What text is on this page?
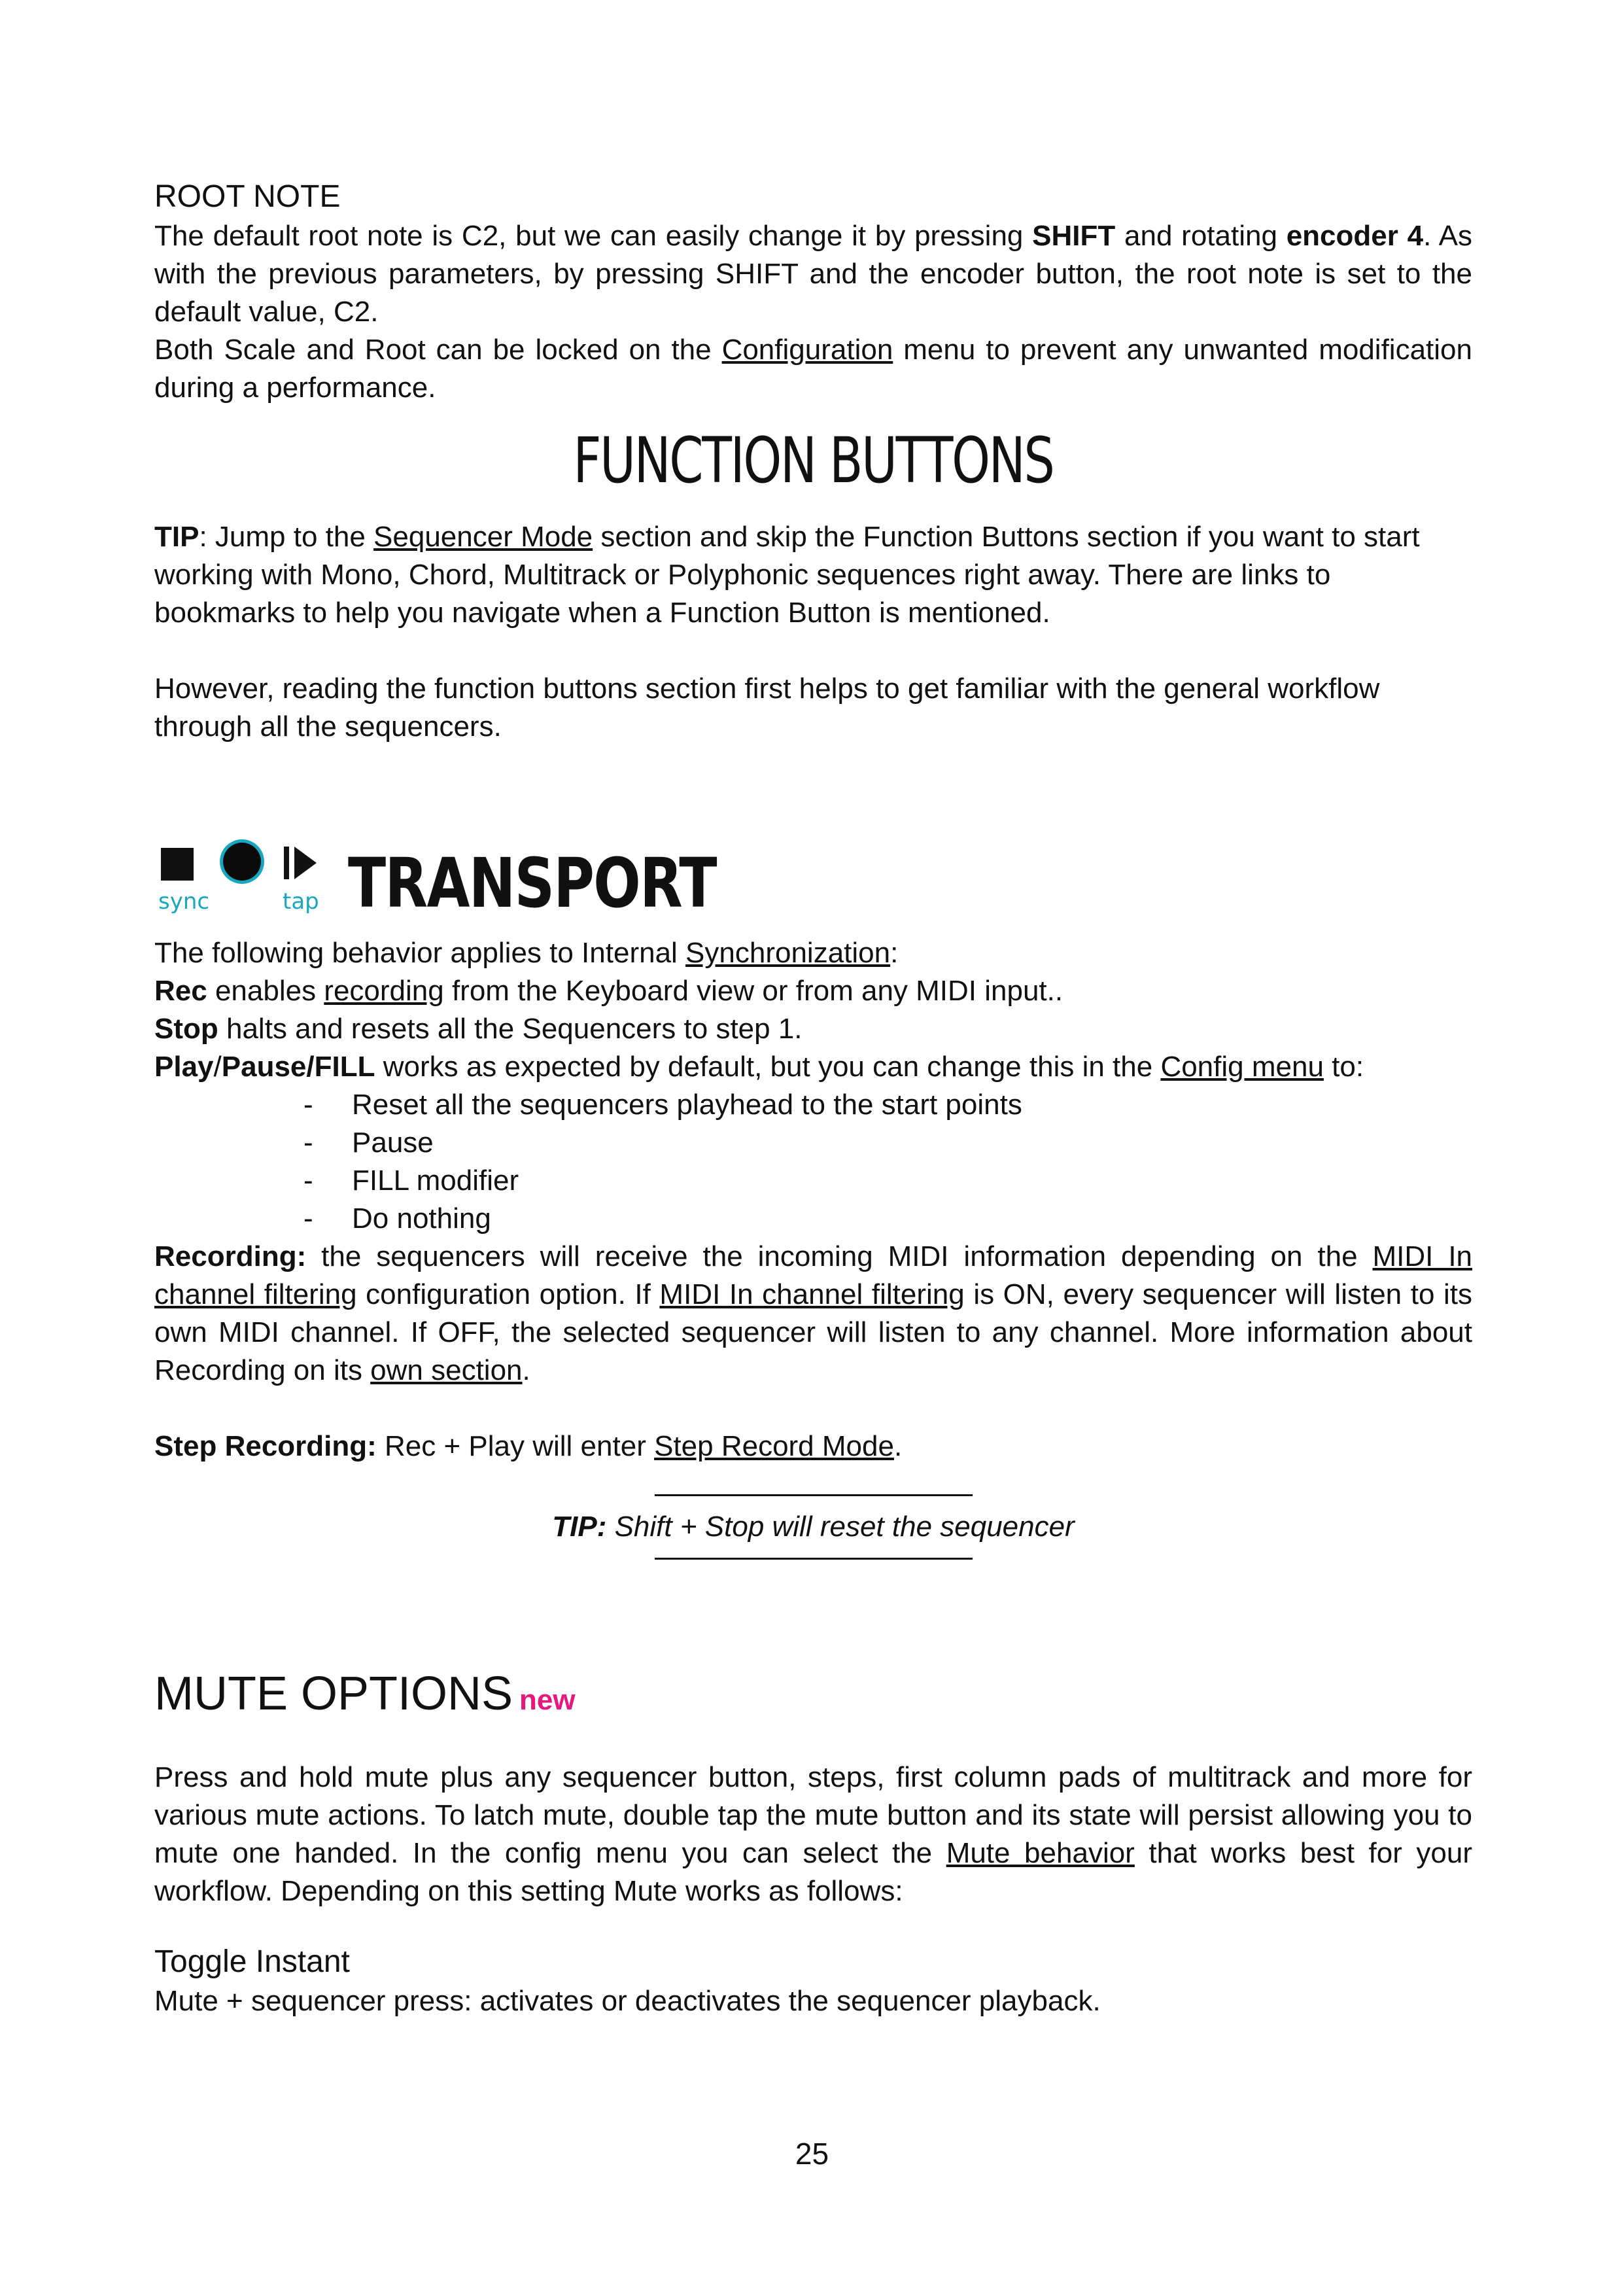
ROOT NOTE

The default root note is C2, but we can easily change it by pressing SHIFT and rotating encoder 4. As with the previous parameters, by pressing SHIFT and the encoder button, the root note is set to the default value, C2.

Both Scale and Root can be locked on the Configuration menu to prevent any unwanted modification during a performance.

FUNCTION BUTTONS

TIP: Jump to the Sequencer Mode section and skip the Function Buttons section if you want to start working with Mono, Chord, Multitrack or Polyphonic sequences right away. There are links to bookmarks to help you navigate when a Function Button is mentioned.

However, reading the function buttons section first helps to get familiar with the general workflow through all the sequencers.

sync	tap TRANSPORT

The following behavior applies to Internal Synchronization:

Rec enables recording from the Keyboard view or from any MIDI input..

Stop halts and resets all the Sequencers to step 1.

Play/Pause/FILL works as expected by default, but you can change this in the Config menu to:

- Reset all the sequencers playhead to the start points
- Pause
- FILL modifier
- Do nothing

Recording: the sequencers will receive the incoming MIDI information depending on the MIDI In channel filtering configuration option. If MIDI In channel filtering is ON, every sequencer will listen to its own MIDI channel. If OFF, the selected sequencer will listen to any channel. More information about Recording on its own section.

Step Recording: Rec + Play will enter Step Record Mode.

TIP: Shift + Stop will reset the sequencer

MUTE OPTIONS new

Press and hold mute plus any sequencer button, steps, first column pads of multitrack and more for various mute actions. To latch mute, double tap the mute button and its state will persist allowing you to mute one handed. In the config menu you can select the Mute behavior that works best for your workflow. Depending on this setting Mute works as follows:

Toggle Instant

Mute + sequencer press: activates or deactivates the sequencer playback.

25
